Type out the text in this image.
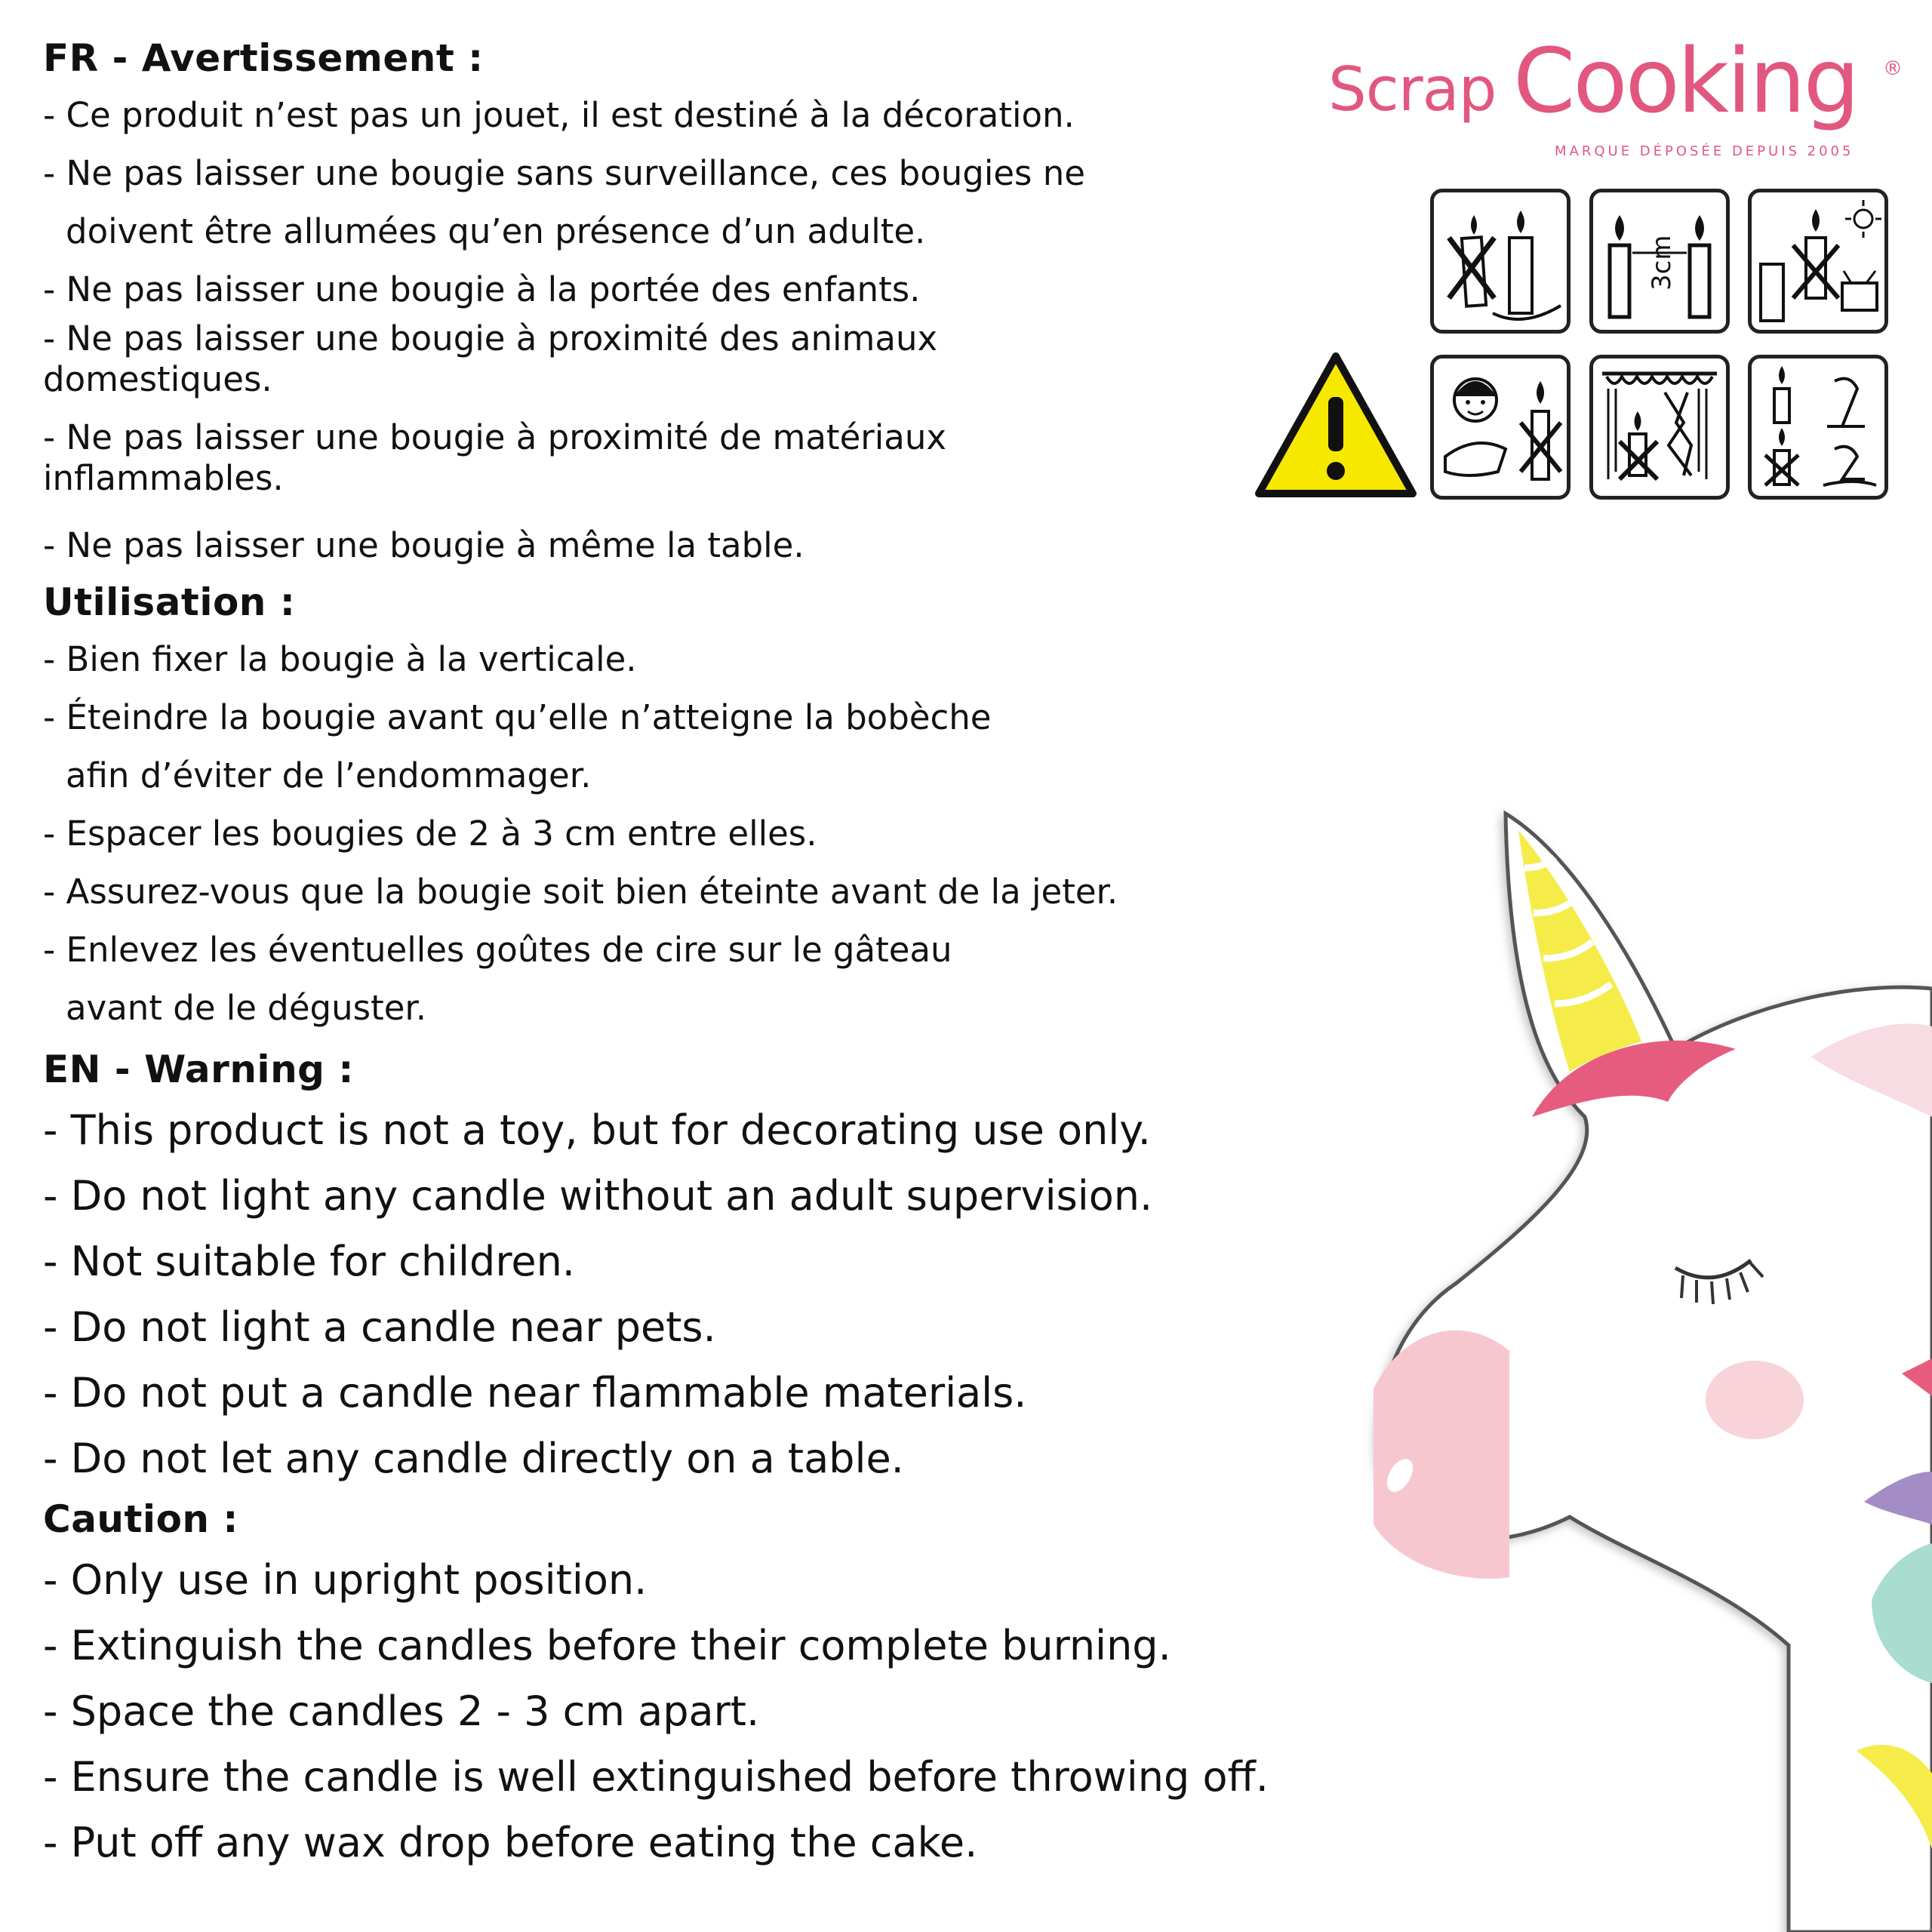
Scrap Cooking ®
MARQUE DÉPOSÉE DEPUIS 2005
3cm
FR - Avertissement :

- Ce produit n’est pas un jouet, il est destiné à la décoration.

- Ne pas laisser une bougie sans surveillance, ces bougies ne

doivent être allumées qu’en présence d’un adulte.

- Ne pas laisser une bougie à la portée des enfants.

- Ne pas laisser une bougie à proximité des animaux

domestiques.

- Ne pas laisser une bougie à proximité de matériaux

inflammables.

- Ne pas laisser une bougie à même la table.

Utilisation :

- Bien fixer la bougie à la verticale.

- Éteindre la bougie avant qu’elle n’atteigne la bobèche

afin d’éviter de l’endommager.

- Espacer les bougies de 2 à 3 cm entre elles.

- Assurez-vous que la bougie soit bien éteinte avant de la jeter.

- Enlevez les éventuelles goûtes de cire sur le gâteau

avant de le déguster.

EN - Warning :

- This product is not a toy, but for decorating use only.

- Do not light any candle without an adult supervision.

- Not suitable for children.

- Do not light a candle near pets.

- Do not put a candle near flammable materials.

- Do not let any candle directly on a table.

Caution :

- Only use in upright position.

- Extinguish the candles before their complete burning.

- Space the candles 2 - 3 cm apart.

- Ensure the candle is well extinguished before throwing off.

- Put off any wax drop before eating the cake.
